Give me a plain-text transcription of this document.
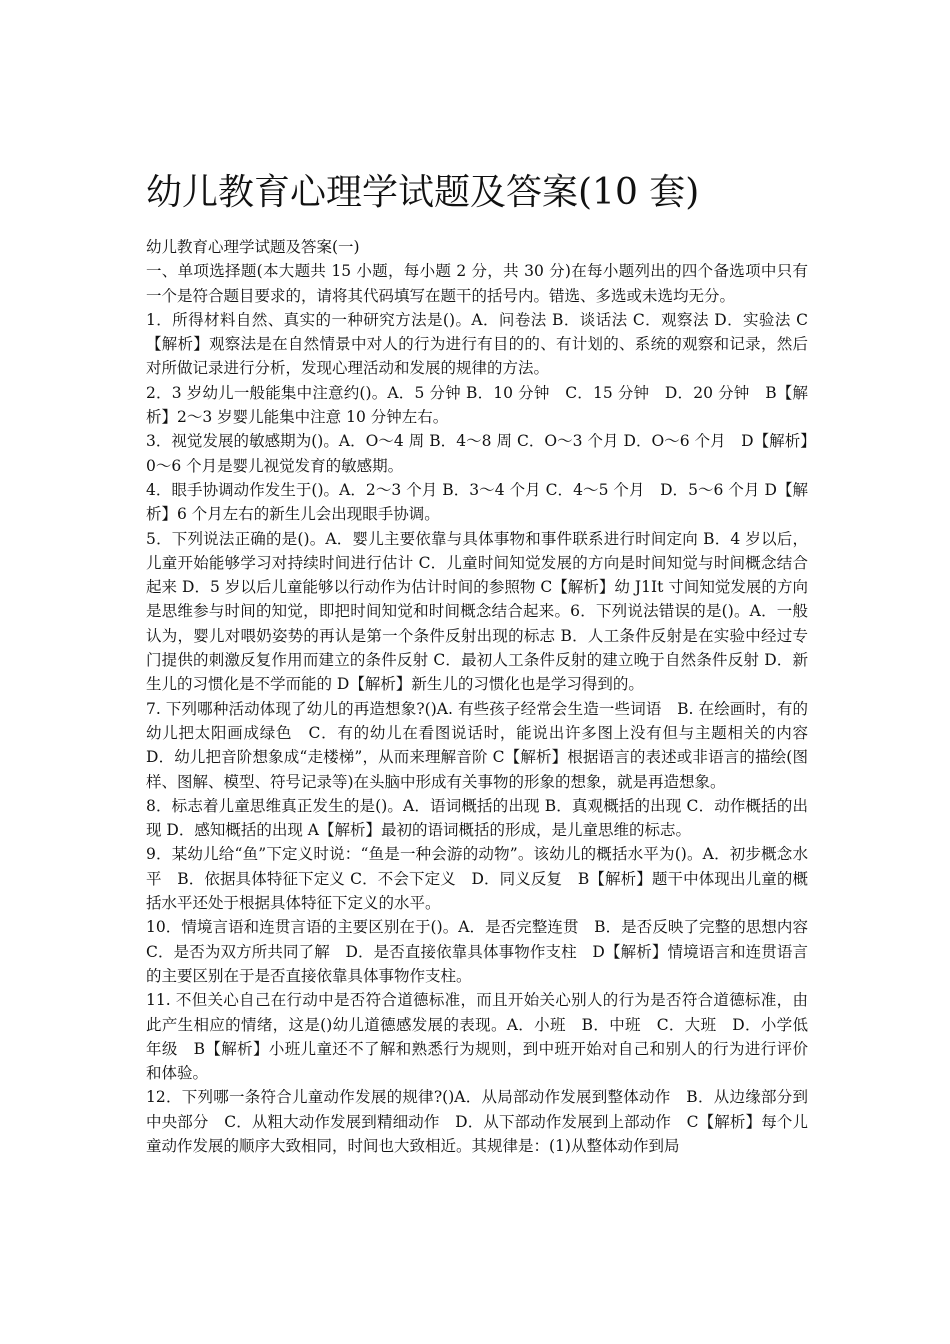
幼儿教育心理学试题及答案(10 套)

幼儿教育心理学试题及答案(一)

一、单项选择题(本大题共 15 小题，每小题 2 分，共 30 分)在每小题列出的四个备选项中只有一个是符合题目要求的，请将其代码填写在题干的括号内。错选、多选或未选均无分。

1．所得材料自然、真实的一种研究方法是()。A．问卷法 B．谈话法 C．观察法 D．实验法 C【解析】观察法是在自然情景中对人的行为进行有目的的、有计划的、系统的观察和记录，然后对所做记录进行分析，发现心理活动和发展的规律的方法。

2．3 岁幼儿一般能集中注意约()。A．5 分钟 B．10 分钟　C．15 分钟　D．20 分钟　B【解析】2～3 岁婴儿能集中注意 10 分钟左右。

3．视觉发展的敏感期为()。A．O～4 周 B．4～8 周 C．O～3 个月 D．O～6 个月　D【解析】0～6 个月是婴儿视觉发育的敏感期。

4．眼手协调动作发生于()。A．2～3 个月 B．3～4 个月 C．4～5 个月　D．5～6 个月 D【解析】6 个月左右的新生儿会出现眼手协调。

5．下列说法正确的是()。A．婴儿主要依靠与具体事物和事件联系进行时间定向 B．4 岁以后，儿童开始能够学习对持续时间进行估计 C．儿童时间知觉发展的方向是时间知觉与时间概念结合起来 D．5 岁以后儿童能够以行动作为估计时间的参照物 C【解析】幼 J1It 寸间知觉发展的方向是思维参与时间的知觉，即把时间知觉和时间概念结合起来。6．下列说法错误的是()。A．一般认为，婴儿对喂奶姿势的再认是第一个条件反射出现的标志 B．人工条件反射是在实验中经过专门提供的刺激反复作用而建立的条件反射 C．最初人工条件反射的建立晚于自然条件反射 D．新生儿的习惯化是不学而能的 D【解析】新生儿的习惯化也是学习得到的。

7. 下列哪种活动体现了幼儿的再造想象?()A. 有些孩子经常会生造一些词语　B. 在绘画时，有的幼儿把太阳画成绿色　C．有的幼儿在看图说话时，能说出许多图上没有但与主题相关的内容　D．幼儿把音阶想象成“走楼梯”，从而来理解音阶 C【解析】根据语言的表述或非语言的描绘(图样、图解、模型、符号记录等)在头脑中形成有关事物的形象的想象，就是再造想象。

8．标志着儿童思维真正发生的是()。A．语词概括的出现 B．真观概括的出现 C．动作概括的出现 D．感知概括的出现 A【解析】最初的语词概括的形成，是儿童思维的标志。

9．某幼儿给“鱼”下定义时说：“鱼是一种会游的动物”。该幼儿的概括水平为()。A．初步概念水平　B．依据具体特征下定义 C．不会下定义　D．同义反复　B【解析】题干中体现出儿童的概括水平还处于根据具体特征下定义的水平。

10．情境言语和连贯言语的主要区别在于()。A．是否完整连贯　B．是否反映了完整的思想内容　C．是否为双方所共同了解　D．是否直接依靠具体事物作支柱　D【解析】情境语言和连贯语言的主要区别在于是否直接依靠具体事物作支柱。

11. 不但关心自己在行动中是否符合道德标准，而且开始关心别人的行为是否符合道德标准，由此产生相应的情绪，这是()幼儿道德感发展的表现。A．小班　B．中班　C．大班　D．小学低年级　B【解析】小班儿童还不了解和熟悉行为规则，到中班开始对自己和别人的行为进行评价和体验。

12．下列哪一条符合儿童动作发展的规律?()A．从局部动作发展到整体动作　B．从边缘部分到中央部分　C．从粗大动作发展到精细动作　D．从下部动作发展到上部动作　C【解析】每个儿童动作发展的顺序大致相同，时间也大致相近。其规律是：(1)从整体动作到局
